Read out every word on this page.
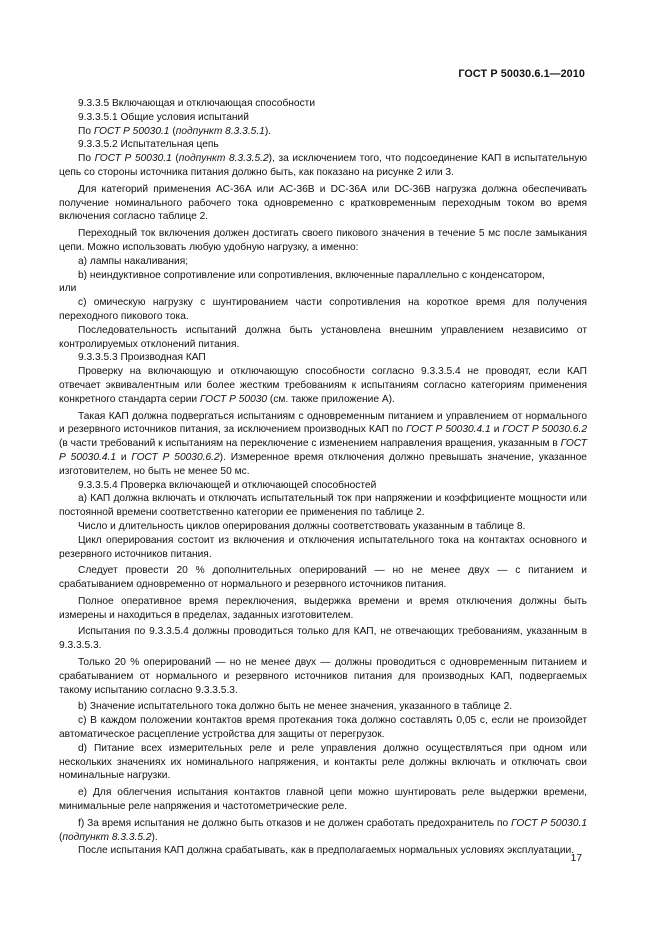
ГОСТ Р 50030.6.1—2010

9.3.3.5 Включающая и отключающая способности

9.3.3.5.1 Общие условия испытаний

По ГОСТ Р 50030.1 (подпункт 8.3.3.5.1).

9.3.3.5.2 Испытательная цепь

По ГОСТ Р 50030.1 (подпункт 8.3.3.5.2), за исключением того, что подсоединение КАП в испытательную цепь со стороны источника питания должно быть, как показано на рисунке 2 или 3.

Для категорий применения АС-36А или АС-36В и DC-36А или DC-36В нагрузка должна обеспечивать получение номинального рабочего тока одновременно с кратковременным переходным током во время включения согласно таблице 2.

Переходный ток включения должен достигать своего пикового значения в течение 5 мс после замыкания цепи. Можно использовать любую удобную нагрузку, а именно:

a) лампы накаливания;

b) неиндуктивное сопротивление или сопротивления, включенные параллельно с конденсатором,

или

c) омическую нагрузку с шунтированием части сопротивления на короткое время для получения переходного пикового тока.

Последовательность испытаний должна быть установлена внешним управлением независимо от контролируемых отклонений питания.

9.3.3.5.3 Производная КАП

Проверку на включающую и отключающую способности согласно 9.3.3.5.4 не проводят, если КАП отвечает эквивалентным или более жестким требованиям к испытаниям согласно категориям применения конкретного стандарта серии ГОСТ Р 50030 (см. также приложение А).

Такая КАП должна подвергаться испытаниям с одновременным питанием и управлением от нормального и резервного источников питания, за исключением производных КАП по ГОСТ Р 50030.4.1 и ГОСТ Р 50030.6.2 (в части требований к испытаниям на переключение с изменением направления вращения, указанным в ГОСТ Р 50030.4.1 и ГОСТ Р 50030.6.2). Измеренное время отключения должно превышать значение, указанное изготовителем, но быть не менее 50 мс.

9.3.3.5.4 Проверка включающей и отключающей способностей

a) КАП должна включать и отключать испытательный ток при напряжении и коэффициенте мощности или постоянной времени соответственно категории ее применения по таблице 2.

Число и длительность циклов оперирования должны соответствовать указанным в таблице 8.

Цикл оперирования состоит из включения и отключения испытательного тока на контактах основного и резервного источников питания.

Следует провести 20 % дополнительных оперирований — но не менее двух — с питанием и срабатыванием одновременно от нормального и резервного источников питания.

Полное оперативное время переключения, выдержка времени и время отключения должны быть измерены и находиться в пределах, заданных изготовителем.

Испытания по 9.3.3.5.4 должны проводиться только для КАП, не отвечающих требованиям, указанным в 9.3.3.5.3.

Только 20 % оперирований — но не менее двух — должны проводиться с одновременным питанием и срабатыванием от нормального и резервного источников питания для производных КАП, подвергаемых такому испытанию согласно 9.3.3.5.3.

b) Значение испытательного тока должно быть не менее значения, указанного в таблице 2.

c) В каждом положении контактов время протекания тока должно составлять 0,05 с, если не произойдет автоматическое расцепление устройства для защиты от перегрузок.

d) Питание всех измерительных реле и реле управления должно осуществляться при одном или нескольких значениях их номинального напряжения, и контакты реле должны включать и отключать свои номинальные нагрузки.

e) Для облегчения испытания контактов главной цепи можно шунтировать реле выдержки времени, минимальные реле напряжения и частотометрические реле.

f) За время испытания не должно быть отказов и не должен сработать предохранитель по ГОСТ Р 50030.1 (подпункт 8.3.3.5.2).

После испытания КАП должна срабатывать, как в предполагаемых нормальных условиях эксплуатации.

17
